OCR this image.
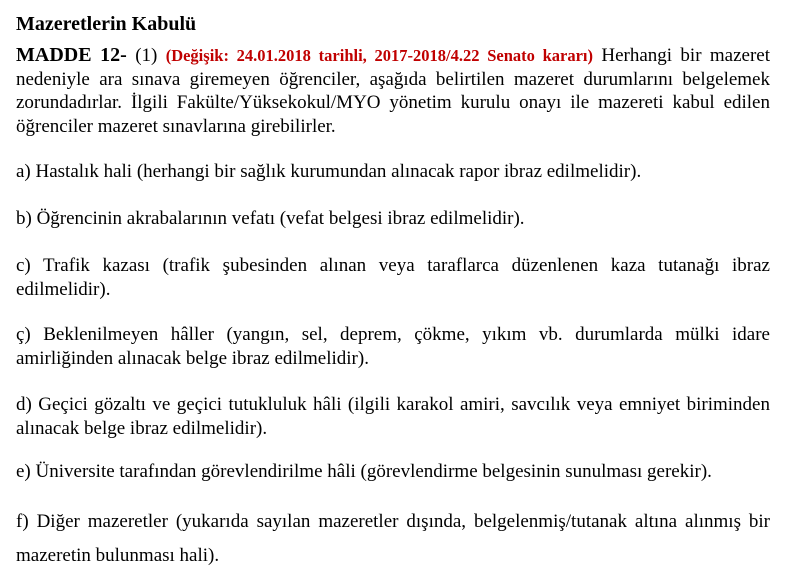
Mazeretlerin Kabulü

MADDE 12- (1) (Değişik: 24.01.2018 tarihli, 2017-2018/4.22 Senato kararı) Herhangi bir mazeret nedeniyle ara sınava giremeyen öğrenciler, aşağıda belirtilen mazeret durumlarını belgelemek zorundadırlar. İlgili Fakülte/Yüksekokul/MYO yönetim kurulu onayı ile mazereti kabul edilen öğrenciler mazeret sınavlarına girebilirler.

a) Hastalık hali (herhangi bir sağlık kurumundan alınacak rapor ibraz edilmelidir).

b) Öğrencinin akrabalarının vefatı (vefat belgesi ibraz edilmelidir).

c) Trafik kazası (trafik şubesinden alınan veya taraflarca düzenlenen kaza tutanağı ibraz edilmelidir).

ç) Beklenilmeyen hâller (yangın, sel, deprem, çökme, yıkım vb. durumlarda mülki idare amirliğinden alınacak belge ibraz edilmelidir).

d) Geçici gözaltı ve geçici tutukluluk hâli (ilgili karakol amiri, savcılık veya emniyet biriminden alınacak belge ibraz edilmelidir).

e) Üniversite tarafından görevlendirilme hâli (görevlendirme belgesinin sunulması gerekir).

f) Diğer mazeretler (yukarıda sayılan mazeretler dışında, belgelenmiş/tutanak altına alınmış bir mazeretin bulunması hali).
